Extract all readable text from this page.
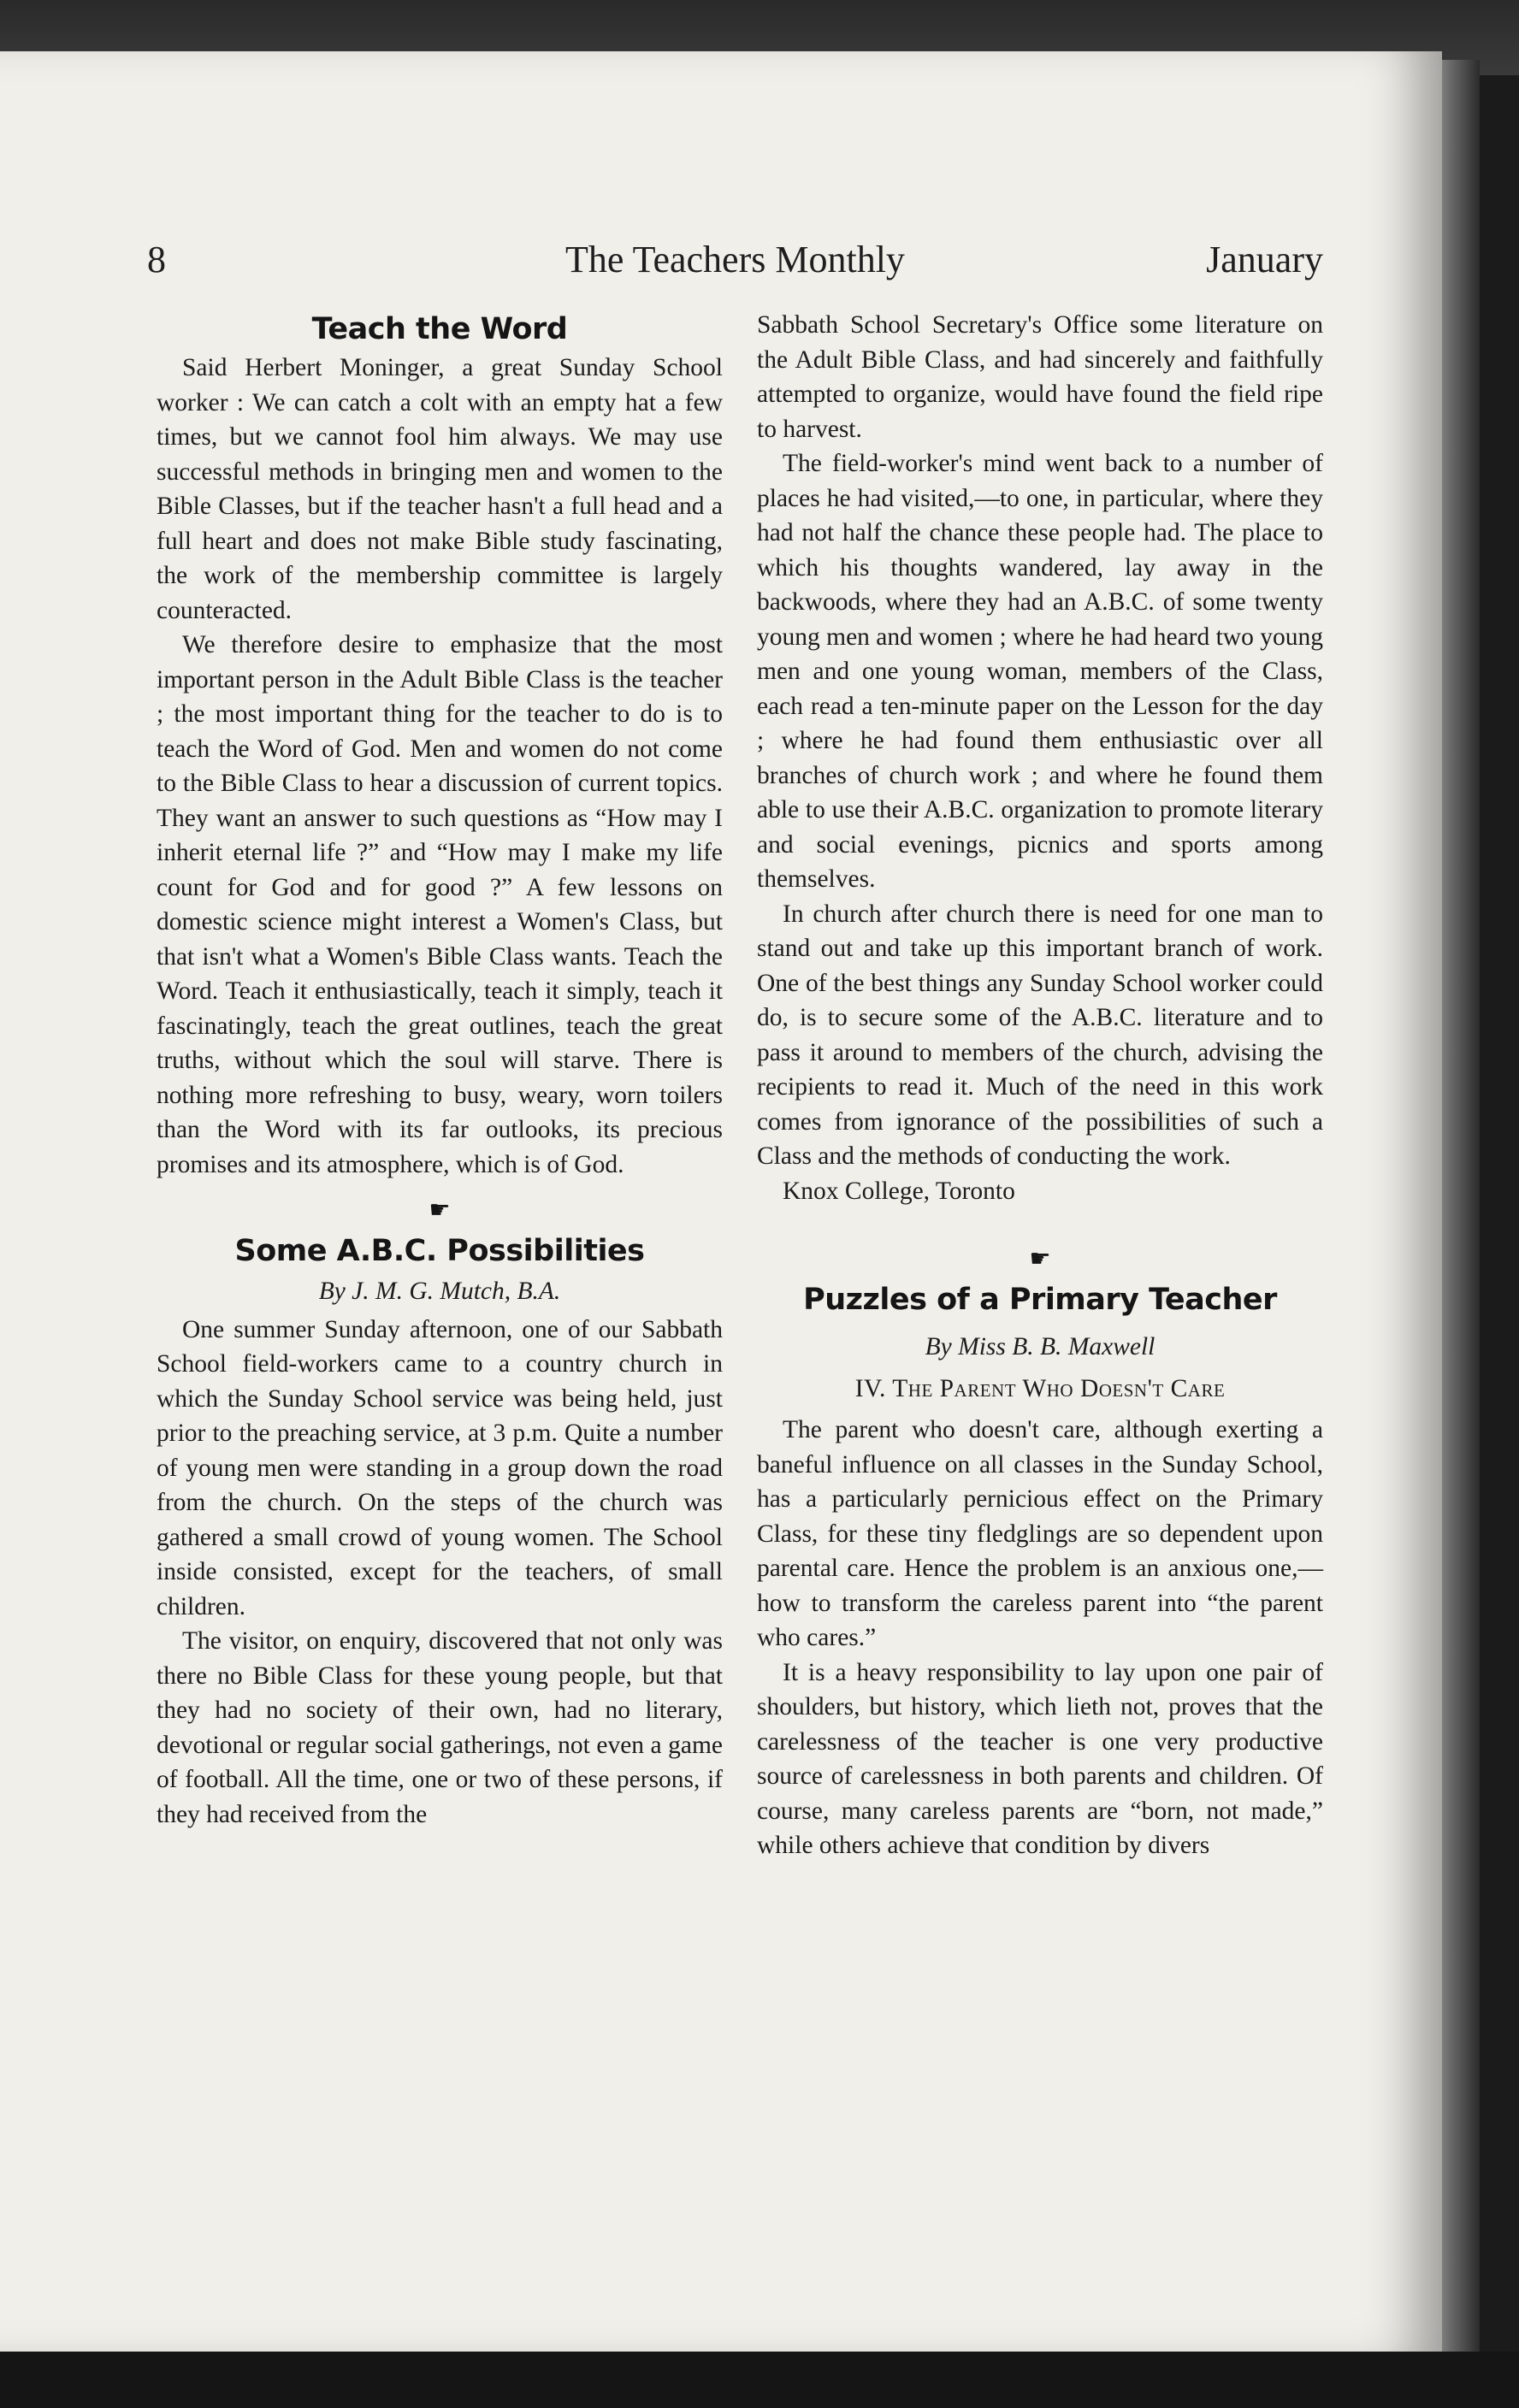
8	The Teachers Monthly	January
Teach the Word

Said Herbert Moninger, a great Sunday School worker : We can catch a colt with an empty hat a few times, but we cannot fool him always. We may use successful methods in bringing men and women to the Bible Classes, but if the teacher hasn't a full head and a full heart and does not make Bible study fascinating, the work of the membership committee is largely counteracted.

We therefore desire to emphasize that the most important person in the Adult Bible Class is the teacher ; the most important thing for the teacher to do is to teach the Word of God. Men and women do not come to the Bible Class to hear a discussion of current topics. They want an answer to such questions as “How may I inherit eternal life ?” and “How may I make my life count for God and for good ?” A few lessons on domestic science might interest a Women's Class, but that isn't what a Women's Bible Class wants. Teach the Word. Teach it enthusiastically, teach it simply, teach it fascinatingly, teach the great outlines, teach the great truths, without which the soul will starve. There is nothing more refreshing to busy, weary, worn toilers than the Word with its far outlooks, its precious promises and its atmosphere, which is of God.

☛
Some A.B.C. Possibilities
By J. M. G. Mutch, B.A.

One summer Sunday afternoon, one of our Sabbath School field-workers came to a country church in which the Sunday School service was being held, just prior to the preaching service, at 3 p.m. Quite a number of young men were standing in a group down the road from the church. On the steps of the church was gathered a small crowd of young women. The School inside consisted, except for the teachers, of small children.

The visitor, on enquiry, discovered that not only was there no Bible Class for these young people, but that they had no society of their own, had no literary, devotional or regular social gatherings, not even a game of football. All the time, one or two of these persons, if they had received from the

Sabbath School Secretary's Office some literature on the Adult Bible Class, and had sincerely and faithfully attempted to organize, would have found the field ripe to harvest.

The field-worker's mind went back to a number of places he had visited,—to one, in particular, where they had not half the chance these people had. The place to which his thoughts wandered, lay away in the backwoods, where they had an A.B.C. of some twenty young men and women ; where he had heard two young men and one young woman, members of the Class, each read a ten-minute paper on the Lesson for the day ; where he had found them enthusiastic over all branches of church work ; and where he found them able to use their A.B.C. organization to promote literary and social evenings, picnics and sports among themselves.

In church after church there is need for one man to stand out and take up this important branch of work. One of the best things any Sunday School worker could do, is to secure some of the A.B.C. literature and to pass it around to members of the church, advising the recipients to read it. Much of the need in this work comes from ignorance of the possibilities of such a Class and the methods of conducting the work.

Knox College, Toronto

☛
Puzzles of a Primary Teacher
By Miss B. B. Maxwell
IV. The Parent Who Doesn't Care

The parent who doesn't care, although exerting a baneful influence on all classes in the Sunday School, has a particularly pernicious effect on the Primary Class, for these tiny fledglings are so dependent upon parental care. Hence the problem is an anxious one,—how to transform the careless parent into “the parent who cares.”

It is a heavy responsibility to lay upon one pair of shoulders, but history, which lieth not, proves that the carelessness of the teacher is one very productive source of carelessness in both parents and children. Of course, many careless parents are “born, not made,” while others achieve that condition by divers
